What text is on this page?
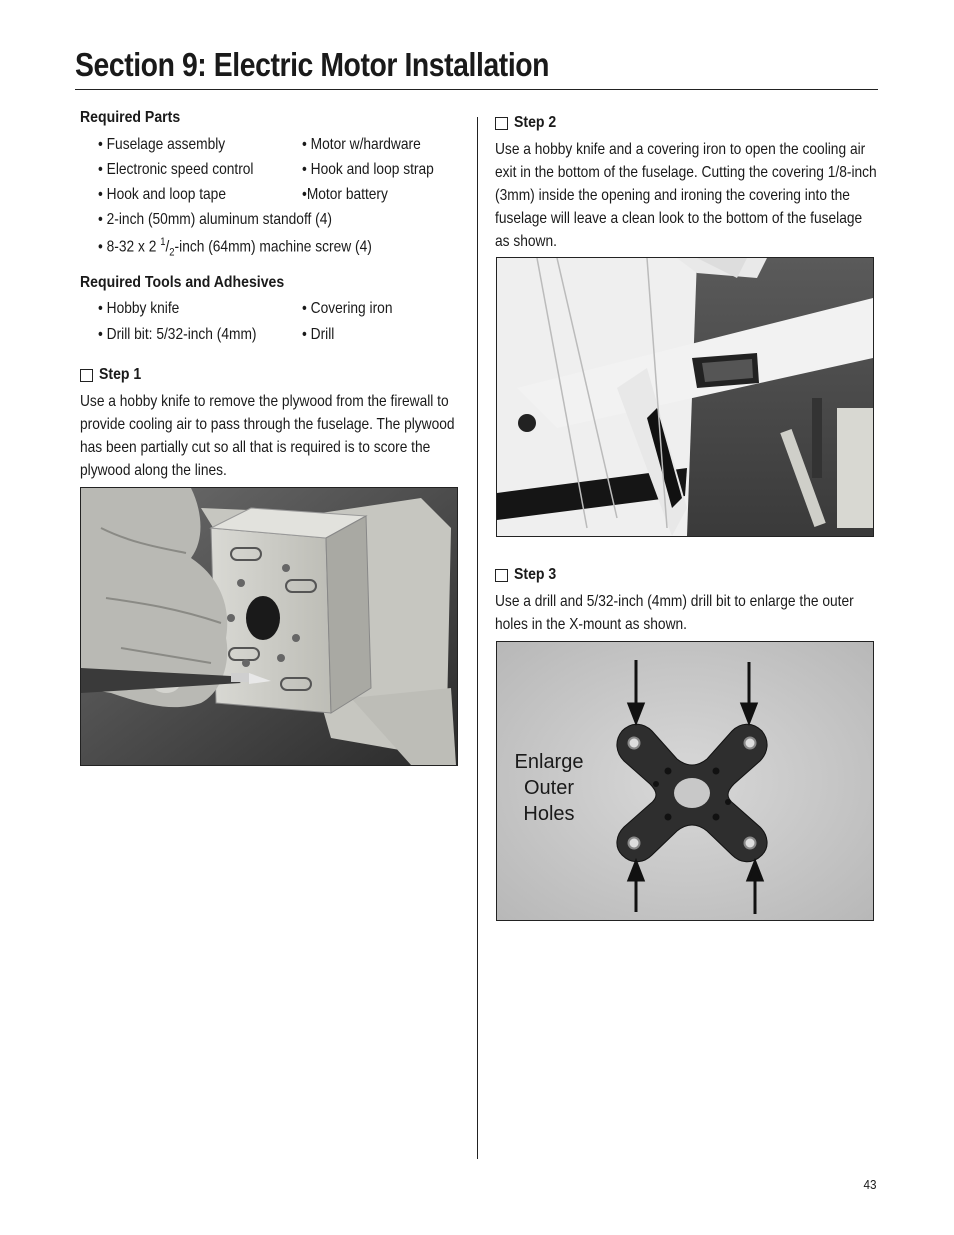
Section 9: Electric Motor Installation
Required Parts
• Fuselage assembly	• Motor w/hardware
• Electronic speed control	• Hook and loop strap
• Hook and loop tape	•Motor battery
• 2-inch (50mm) aluminum standoff (4)
• 8-32 x 2 $^1/_2$-inch (64mm) machine screw (4)
Required Tools and Adhesives
• Hobby knife	• Covering iron
• Drill bit: 5/32-inch (4mm)	• Drill
Step 1
Use a hobby knife to remove the plywood from the firewall to provide cooling air to pass through the fuselage. The plywood has been partially cut so all that is required is to score the plywood along the lines.
Step 2
Use a hobby knife and a covering iron to open the cooling air exit in the bottom of the fuselage. Cutting the covering 1/8-inch (3mm) inside the opening and ironing the covering into the fuselage will leave a clean look to the bottom of the fuselage as shown.
Step 3
Use a drill and 5/32-inch (4mm) drill bit to enlarge the outer holes in the X-mount as shown.
Enlarge
Outer
Holes
43
